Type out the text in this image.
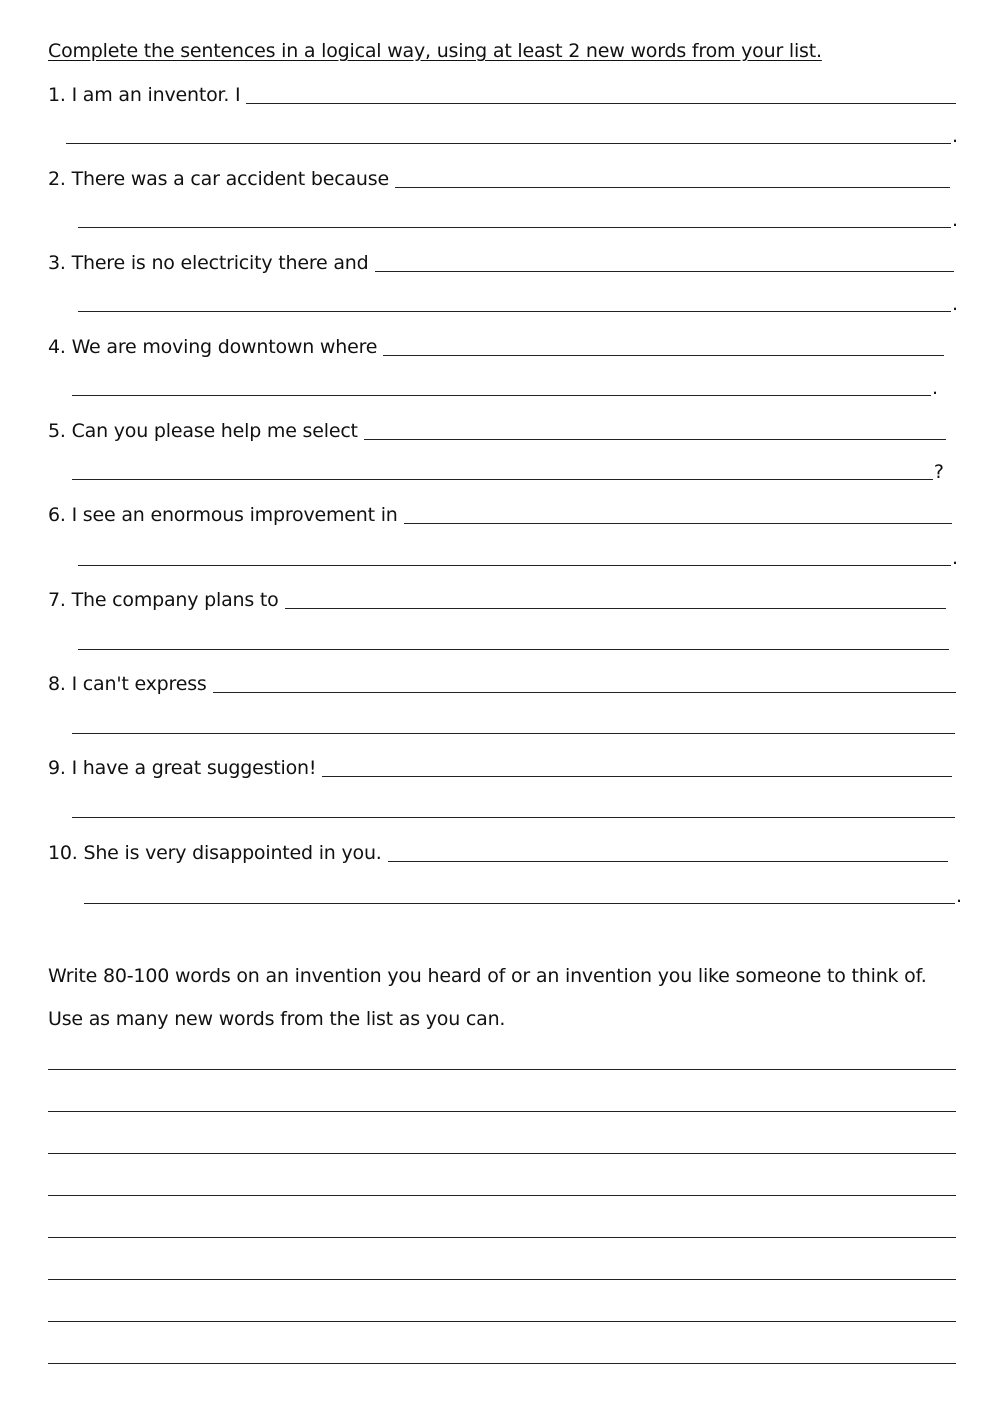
Complete the sentences in a logical way, using at least 2 new words from your list.
1. I am an inventor. I
.
2. There was a car accident because
.
3. There is no electricity there and
.
4. We are moving downtown where
.
5. Can you please help me select
?
6. I see an enormous improvement in
.
7. The company plans to
8. I can't express
9. I have a great suggestion!
10. She is very disappointed in you.
.
Write 80-100 words on an invention you heard of or an invention you like someone to think of.
Use as many new words from the list as you can.
